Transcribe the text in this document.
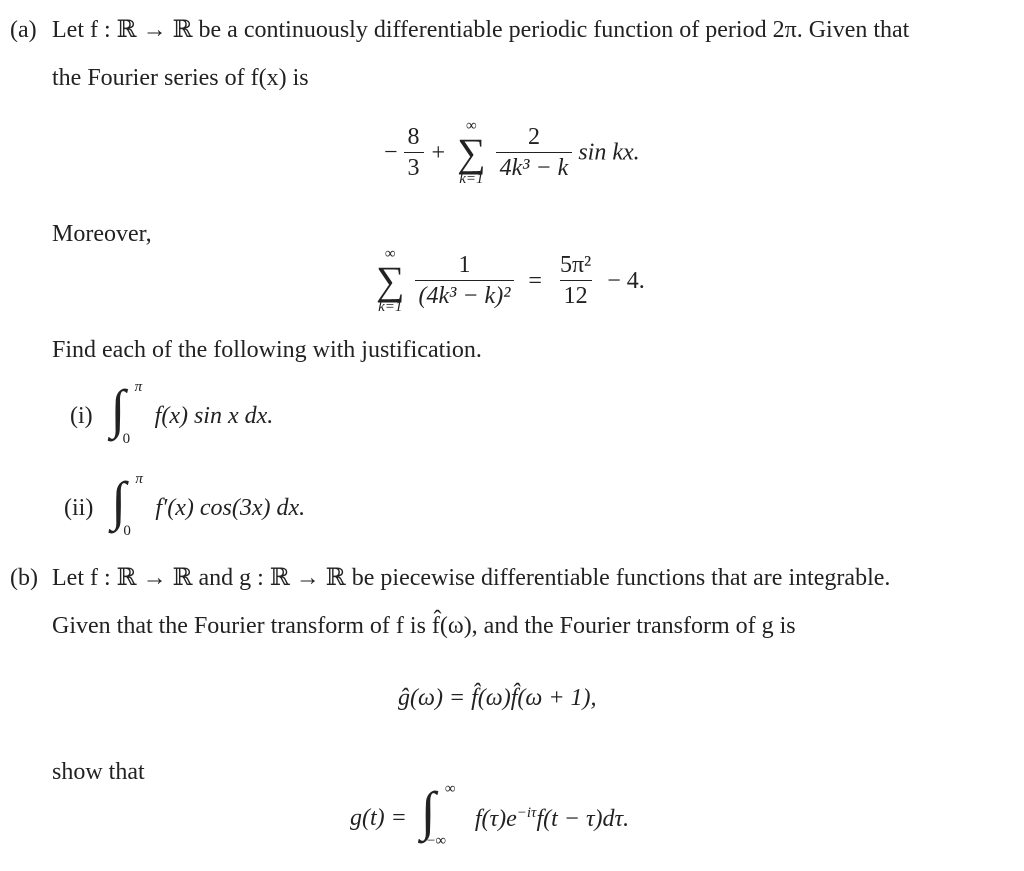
(a) Let f : ℝ → ℝ be a continuously differentiable periodic function of period 2π. Given that
the Fourier series of f(x) is
− $\frac{8}{3}$ +
∞
∑
k=1
$\frac{2}{\text{4k³ − k}}$ sin kx.
Moreover,
∞
∑
k=1
$\frac{1}{\text{(4k³ − k)²}} = \frac{\text{5π²}}{12} - 4$.
Find each of the following with justification.
(i) ∫ π
0
f(x) sin x dx.
(ii) ∫ π
0
f′(x) cos(3x) dx.
(b) Let f : ℝ → ℝ and g : ℝ → ℝ be piecewise differentiable functions that are integrable.
Given that the Fourier transform of f is f̂(ω), and the Fourier transform of g is
ĝ(ω) = f̂(ω)f̂(ω + 1),
show that
g(t) = ∫ ∞
−∞
$f(\tau)e^{-i\tau}f(t - \tau)d\tau$.
